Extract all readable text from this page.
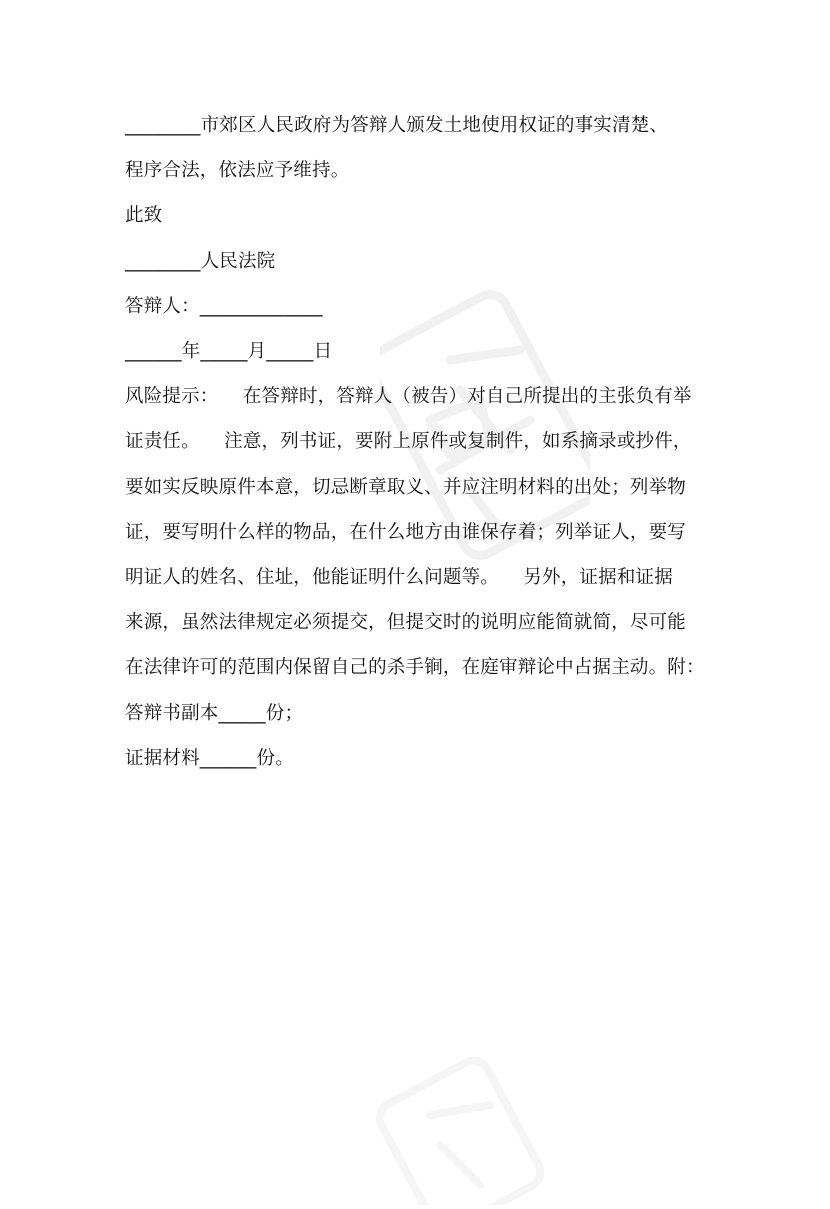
________市郊区人民政府为答辩人颁发土地使用权证的事实清楚、

程序合法，依法应予维持。

此致

________人民法院

答辩人：_____________

______年_____月_____日

风险提示：    在答辩时，答辩人（被告）对自己所提出的主张负有举

证责任。    注意，列书证，要附上原件或复制件，如系摘录或抄件，

要如实反映原件本意，切忌断章取义、并应注明材料的出处；列举物

证，要写明什么样的物品，在什么地方由谁保存着；列举证人，要写

明证人的姓名、住址，他能证明什么问题等。    另外，证据和证据

来源，虽然法律规定必须提交，但提交时的说明应能简就简，尽可能

在法律许可的范围内保留自己的杀手锏，在庭审辩论中占据主动。附：

答辩书副本_____份；

证据材料______份。
